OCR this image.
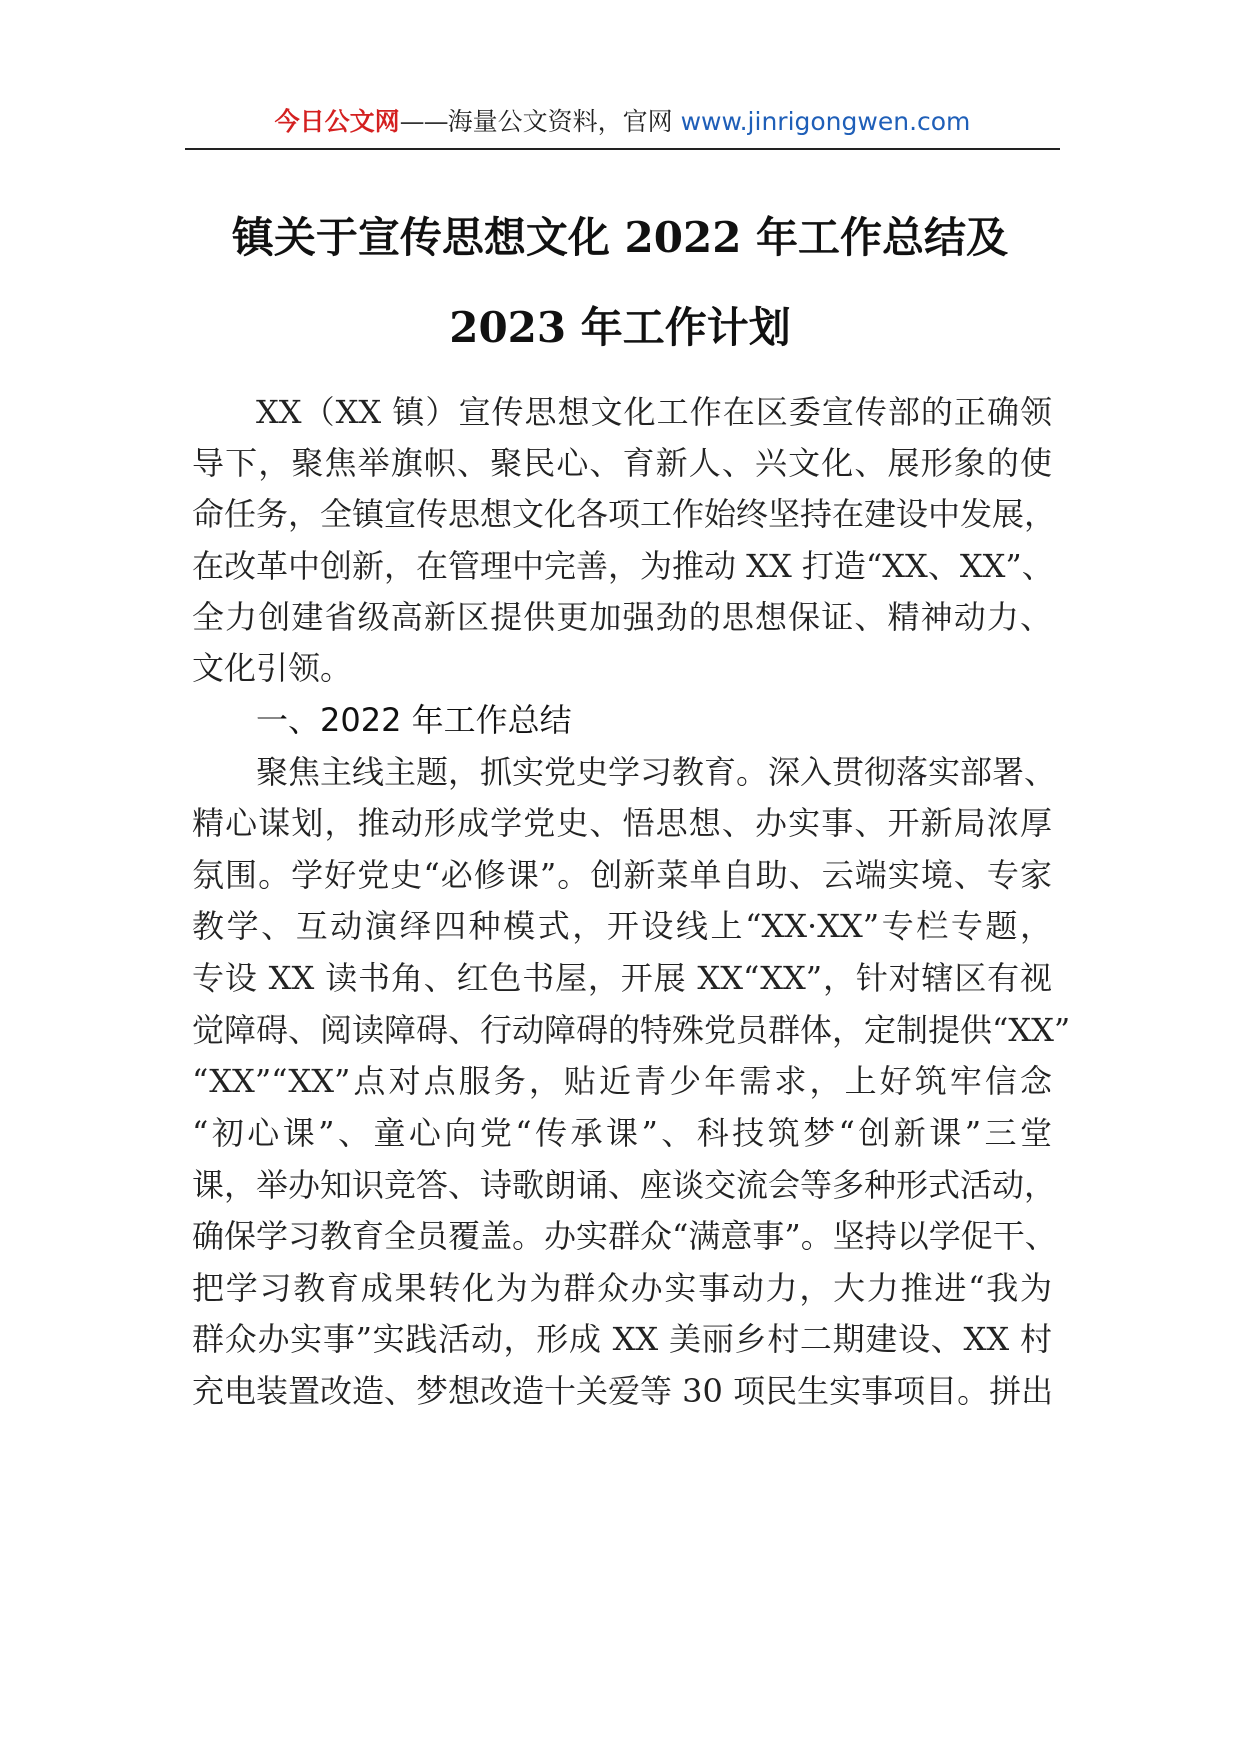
今日公文网——海量公文资料，官网 www.jinrigongwen.com
镇关于宣传思想文化 2022 年工作总结及
2023 年工作计划

XX（XX 镇）宣传思想文化工作在区委宣传部的正确领

导下，聚焦举旗帜、聚民心、育新人、兴文化、展形象的使

命任务，全镇宣传思想文化各项工作始终坚持在建设中发展，

在改革中创新，在管理中完善，为推动 XX 打造“XX、XX”、

全力创建省级高新区提供更加强劲的思想保证、精神动力、

文化引领。

一、2022 年工作总结

聚焦主线主题，抓实党史学习教育。深入贯彻落实部署、

精心谋划，推动形成学党史、悟思想、办实事、开新局浓厚

氛围。学好党史“必修课”。创新菜单自助、云端实境、专家

教学、互动演绎四种模式，开设线上“XX·XX”专栏专题，

专设 XX 读书角、红色书屋，开展 XX“XX”，针对辖区有视

觉障碍、阅读障碍、行动障碍的特殊党员群体，定制提供“XX”

“XX”“XX”点对点服务，贴近青少年需求，上好筑牢信念

“初心课”、童心向党“传承课”、科技筑梦“创新课”三堂

课，举办知识竞答、诗歌朗诵、座谈交流会等多种形式活动，

确保学习教育全员覆盖。办实群众“满意事”。坚持以学促干、

把学习教育成果转化为为群众办实事动力，大力推进“我为

群众办实事”实践活动，形成 XX 美丽乡村二期建设、XX 村

充电装置改造、梦想改造十关爱等 30 项民生实事项目。拼出
